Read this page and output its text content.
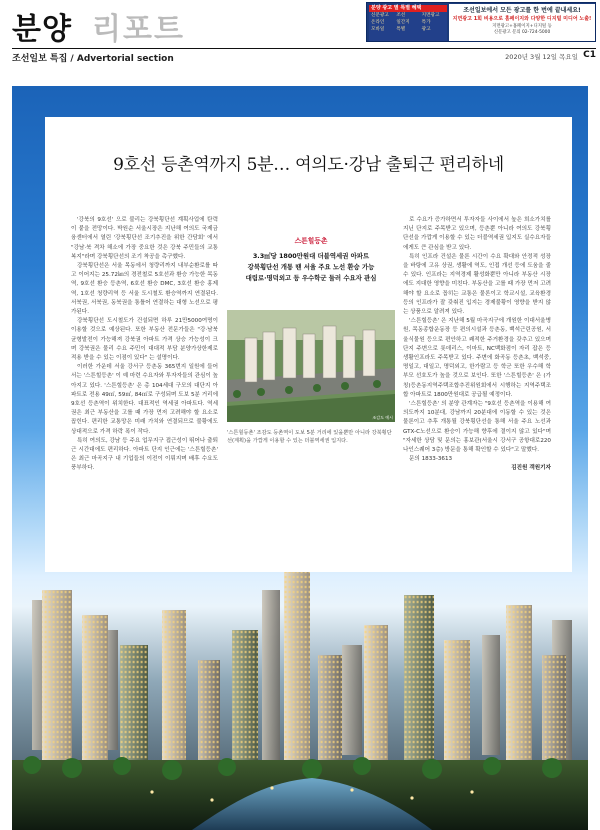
분양 리포트
분양 광고 별 특별 혜택
신문광고	조선	지면광고
온라인	일간지	특가
모바일	특별	광고
조선일보에서 모든 광고를 한 번에 끝내세요!
지면광고 1회 비용으로 홈페이지와 다양한 디지털 미디어 노출!
지면광고+홈페이지+디지털 등
신문광고 문의 02-724-5000
조선일보 특집 / Advertorial section	2020년 3월 12일 목요일 C1
9호선 등촌역까지 5분… 여의도·강남 출퇴근 편리하네

'강북의 9호선' 으로 불리는 강북횡단선 계획사업에 탄력이 붙을 전망이다. 박원순 서울시장은 지난해 여의도 국제금융센터에서 열린 '강북횡단선 조기추진을 위한 간담회' 에서 "강남·북 격차 해소에 가장 중요한 것은 강북 주민들의 교통 복지"라며 강북횡단선의 조기 착공을 촉구했다.

강북횡단선은 서울 목동에서 청량리까지 내부순환로를 따고 이어지는 25.72㎞의 경전철로 5호선과 환승 가능한 목동역, 9호선 환승 등촌역, 6호선 환승 DMC, 3호선 환승 홍제역, 1호선 청량리역 등 서울 도시철도 환승역까지 연결된다. 서북권, 서북권, 동북권을 통틀어 연결하는 대형 노선으로 평가된다.

강북횡단선 도시철도가 건설되면 하루 21만5000여명이 이용할 것으로 예상된다. 또한 부동산 전문가들은 "강·남북 균형발전이 가능해져 강북권 아파트 가격 상승 가능성이 크며 강북권은 물리 수요 주민이 대대적 부담 분양가상한제로 적용 받을 수 있는 이점이 있다" 는 설명이다.

이러한 가운데 서울 강서구 등촌동 365번지 일원에 들어서는 '스튼힐등촌' 이 예 마련 수요자와 투자자들의 관심이 높아지고 있다. '스튼힐등촌' 은 총 104세대 구모의 대단지 아파트로 전용 49㎡, 59㎡, 84㎡로 구성되며 도보 5분 거리에 9호선 등촌역이 위치한다. 대표적인 역세권 아파트다. 역세권은 최근 부동산을 고를 때 가장 먼저 고려해야 할 요소로 꼽힌다. 편리한 교통망은 미래 가치와 연결되므로 불황에도 상대적으로 가격 하락 폭이 작다.

특히 여의도, 강남 등 주요 업무지구 접근성이 뛰어나 출퇴근 시간대에도 편리하다. 아파트 단지 인근에는 '스튼힐등촌' 은 최근 마곡지구 내 기업들의 이전이 이뤄지며 배후 수요도 풍부하다.

스튼힐등촌
3.3㎡당 1800만원대 더블역세권 아파트
강북횡단선 개통 땐 서울 주요 노선 환승 가능
대림로·명덕외고 등 우수학군 둘러 수요자 관심
조감도 예시
'스튼힐등촌' 조감도 등촌역이 도보 5분 거리에 있을뿐만 아니라 강북횡단선(계획)을 가깝게 이용할 수 있는 더블역세권 입지다.

로 수요가 증가하면서 투자자들 사이에서 높은 희소가치를 지닌 단지로 주목받고 있으며, 등촌뿐 아니라 여의도 강북횡단선을 가깝게 이용할 수 있는 더블역세권 입지도 실수요자들에게도 큰 관심을 받고 있다.

특히 인프라 건설은 물론 시간이 수요 확대와 안정적 성장을 바탕에 고유 상권, 생활에 역도, 인접 개선 등에 도움을 줄 수 있다. 인프라는 지역경제 활성화뿐만 아니라 부동산 시장에도 지대한 영향을 미친다. 부동산을 고를 때 가장 먼저 고려해야 할 요소로 꼽히는 교통은 물론이고 학교시설, 교육환경 등의 인프라가 잘 갖춰진 입지는 경제불황이 영향을 받지 않는 상품으로 알려져 있다.

'스튼힐등촌' 은 지난해 5월 마곡지구에 개원한 이대서울병원, 목동종합운동장 등 편의시설과 등촌동, 백석근린공원, 서울식물원 등으로 편안하고 쾌적한 주거환경을 갖추고 있으며 단지 주변으로 롯데리스, 이마트, NC백화점이 자리 잡은 등 생활인프라도 주목받고 있다. 주변에 화곡동 등촌초, 백석중, 명일고, 대일고, 명덕외고, 한가람고 등 학군 또한 우수해 학부모 선호도가 높을 것으로 보인다. 또한 '스튼힐등촌' 은 (가칭)등촌동지역주택조합추진위원회에서 시행하는 지역주택조합 아파트로 1800만원대로 공급될 예정이다.

'스튼힐등촌' 의 분양 관계자는 "9호선 등촌역을 이용해 여의도까지 10분대, 강남까지 20분대에 이동할 수 있는 것은 물론이고 추후 개통될 강북횡단선을 통해 서울 주요 노선과 GTX-C노선으로 환승이 가능해 향후에 결이지 않고 있다"며 "자세한 상담 및 문의는 홍보관(서울시 강서구 공항대로220 나인스퀘어 3층) 방문을 통해 확인할 수 있다"고 말했다.

문의 1833-3613

김진원 객원기자
